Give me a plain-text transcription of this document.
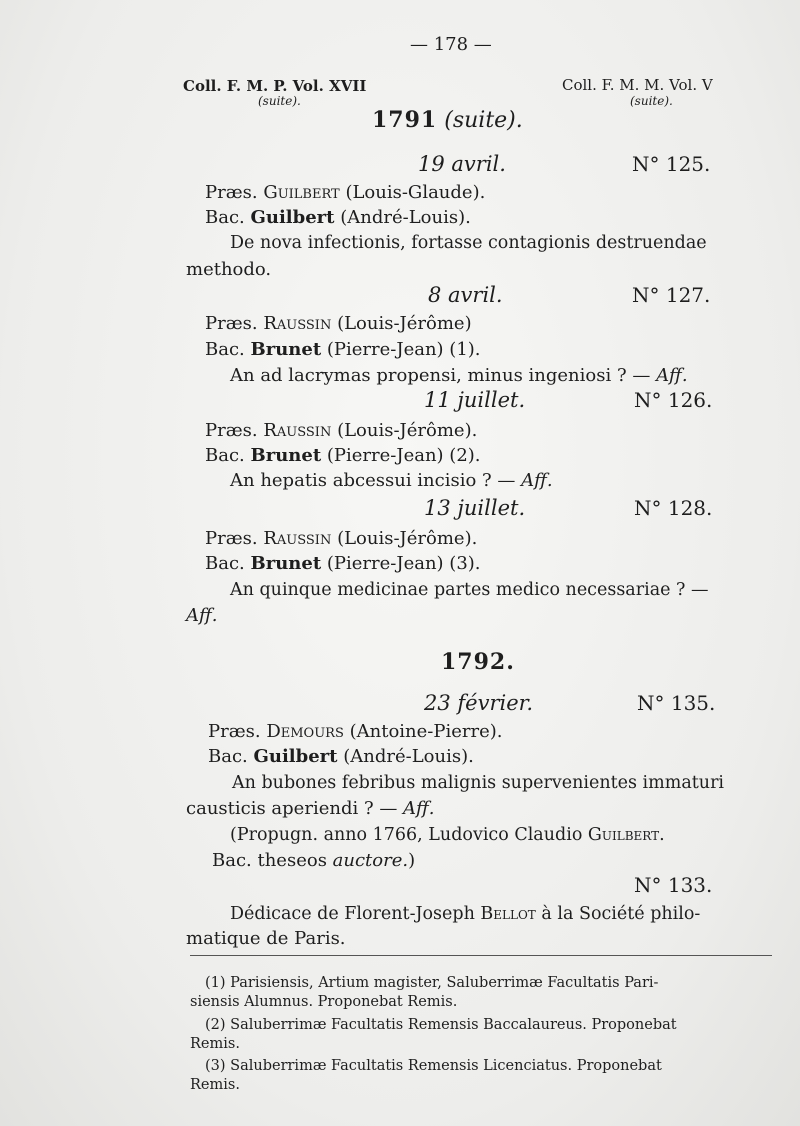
— 178 —
Coll. F. M. P. Vol. XVII
(suite).
Coll. F. M. M. Vol. V
(suite).
1791 (suite).
19 avril.	N° 125.
Præs. Guilbert (Louis-Glaude).
Bac. Guilbert (André-Louis).
De nova infectionis, fortasse contagionis destruendae
methodo.
8 avril.	N° 127.
Præs. Raussin (Louis-Jérôme)
Bac. Brunet (Pierre-Jean) (1).
An ad lacrymas propensi, minus ingeniosi ? — Aff.
11 juillet.	N° 126.
Præs. Raussin (Louis-Jérôme).
Bac. Brunet (Pierre-Jean) (2).
An hepatis abcessui incisio ? — Aff.
13 juillet.	N° 128.
Præs. Raussin (Louis-Jérôme).
Bac. Brunet (Pierre-Jean) (3).
An quinque medicinae partes medico necessariae ? —
Aff.
1792.
23 février.	N° 135.
Præs. Demours (Antoine-Pierre).
Bac. Guilbert (André-Louis).
An bubones febribus malignis supervenientes immaturi
causticis aperiendi ? — Aff.
(Propugn. anno 1766, Ludovico Claudio Guilbert.
Bac. theseos auctore.)
N° 133.
Dédicace de Florent-Joseph Bellot à la Société philo-
matique de Paris.
(1) Parisiensis, Artium magister, Saluberrimæ Facultatis Pari-
siensis Alumnus. Proponebat Remis.
(2) Saluberrimæ Facultatis Remensis Baccalaureus. Proponebat
Remis.
(3) Saluberrimæ Facultatis Remensis Licenciatus. Proponebat
Remis.
